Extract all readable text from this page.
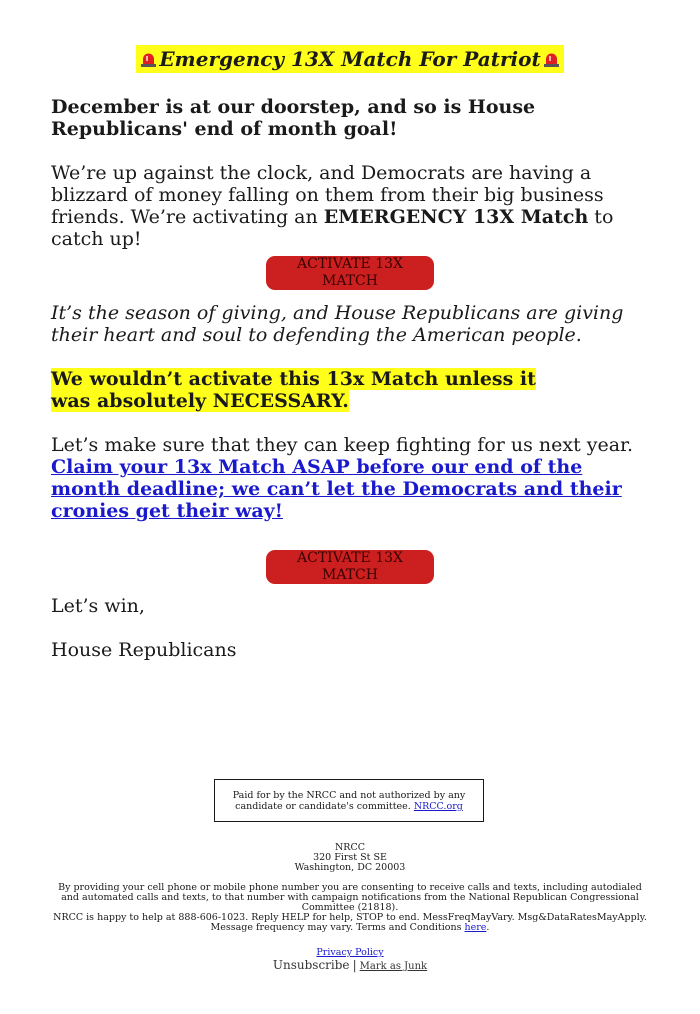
Emergency 13X Match For Patriot
December is at our doorstep, and so is House Republicans' end of month goal!
We’re up against the clock, and Democrats are having a blizzard of money falling on them from their big business friends. We’re activating an EMERGENCY 13X Match to catch up!
ACTIVATE 13X MATCH
It’s the season of giving, and House Republicans are giving their heart and soul to defending the American people.
We wouldn’t activate this 13x Match unless it was absolutely NECESSARY.
Let’s make sure that they can keep fighting for us next year. Claim your 13x Match ASAP before our end of the month deadline; we can’t let the Democrats and their cronies get their way!
ACTIVATE 13X MATCH
Let’s win,
House Republicans
Paid for by the NRCC and not authorized by any candidate or candidate's committee. NRCC.org
NRCC
320 First St SE
Washington, DC 20003
By providing your cell phone or mobile phone number you are consenting to receive calls and texts, including autodialed and automated calls and texts, to that number with campaign notifications from the National Republican Congressional Committee (21818).
NRCC is happy to help at 888-606-1023. Reply HELP for help, STOP to end. MessFreqMayVary. Msg&DataRatesMayApply. Message frequency may vary. Terms and Conditions here.
Privacy Policy
Unsubscribe | Mark as Junk
